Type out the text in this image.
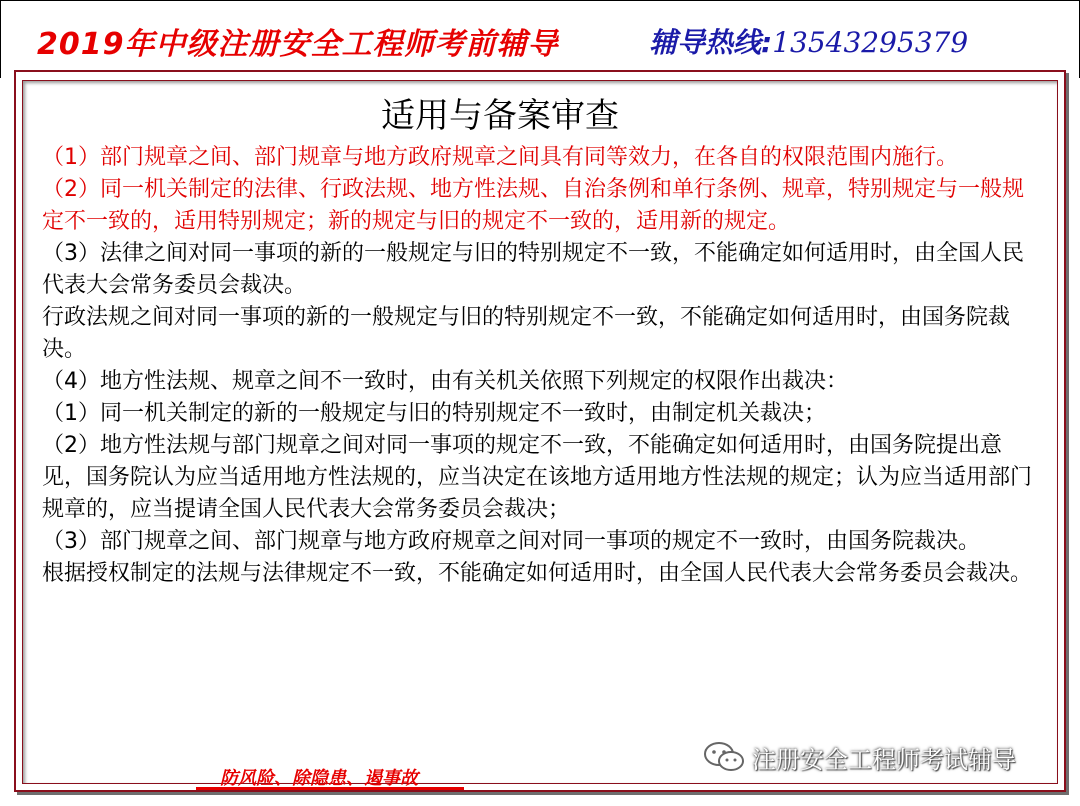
2019年中级注册安全工程师考前辅导	辅导热线:13543295379
适用与备案审查

（1）部门规章之间、部门规章与地方政府规章之间具有同等效力，在各自的权限范围内施行。

（2）同一机关制定的法律、行政法规、地方性法规、自治条例和单行条例、规章，特别规定与一般规定不一致的，适用特别规定；新的规定与旧的规定不一致的，适用新的规定。

（3）法律之间对同一事项的新的一般规定与旧的特别规定不一致，不能确定如何适用时，由全国人民代表大会常务委员会裁决。

行政法规之间对同一事项的新的一般规定与旧的特别规定不一致，不能确定如何适用时，由国务院裁决。

（4）地方性法规、规章之间不一致时，由有关机关依照下列规定的权限作出裁决：

（1）同一机关制定的新的一般规定与旧的特别规定不一致时，由制定机关裁决；

（2）地方性法规与部门规章之间对同一事项的规定不一致，不能确定如何适用时，由国务院提出意见，国务院认为应当适用地方性法规的，应当决定在该地方适用地方性法规的规定；认为应当适用部门规章的，应当提请全国人民代表大会常务委员会裁决；

（3）部门规章之间、部门规章与地方政府规章之间对同一事项的规定不一致时，由国务院裁决。

根据授权制定的法规与法律规定不一致，不能确定如何适用时，由全国人民代表大会常务委员会裁决。

防风险、除隐患、遏事故
注册安全工程师考试辅导
